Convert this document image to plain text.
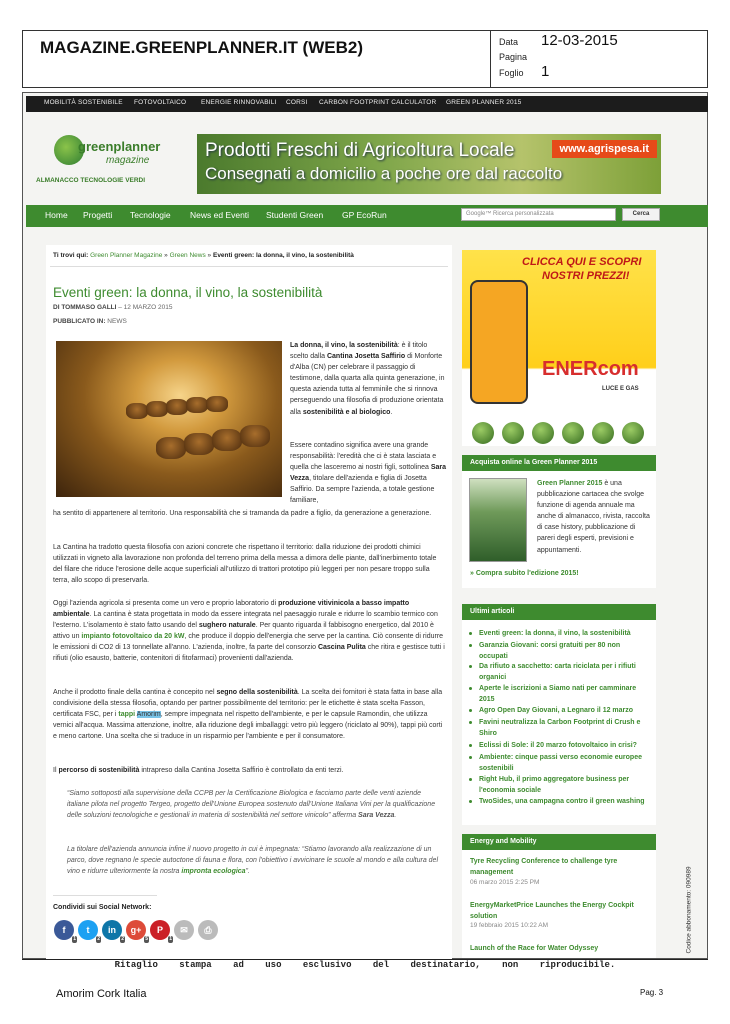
MAGAZINE.GREENPLANNER.IT (WEB2)	Data 12-03-2015
Pagina
Foglio 1
MOBILITÀ SOSTENIBILE FOTOVOLTAICO ENERGIE RINNOVABILI CORSI CARBON FOOTPRINT CALCULATOR GREEN PLANNER 2015
greenplanner
magazine
ALMANACCO TECNOLOGIE VERDI
Prodotti Freschi di Agricoltura Locale
Consegnati a domicilio a poche ore dal raccolto
www.agrispesa.it
Home Progetti Tecnologie News ed Eventi Studenti Green GP EcoRun	Google™ Ricerca personalizzata	Cerca
Ti trovi qui: Green Planner Magazine » Green News » Eventi green: la donna, il vino, la sostenibilità
Eventi green: la donna, il vino, la sostenibilità
DI TOMMASO GALLI – 12 MARZO 2015
PUBBLICATO IN: NEWS
La donna, il vino, la sostenibilità: è il titolo scelto dalla Cantina Josetta Saffirio di Monforte d'Alba (CN) per celebrare il passaggio di testimone, dalla quarta alla quinta generazione, in questa azienda tutta al femminile che si rinnova perseguendo una filosofia di produzione orientata alla sostenibilità e al biologico.
Essere contadino significa avere una grande responsabilità: l'eredità che ci è stata lasciata e quella che lasceremo ai nostri figli, sottolinea Sara Vezza, titolare dell'azienda e figlia di Josetta Saffirio. Da sempre l'azienda, a totale gestione familiare,
ha sentito di appartenere al territorio. Una responsabilità che si tramanda da padre a figlio, da generazione a generazione.
La Cantina ha tradotto questa filosofia con azioni concrete che rispettano il territorio: dalla riduzione dei prodotti chimici utilizzati in vigneto alla lavorazione non profonda del terreno prima della messa a dimora delle piante, dall'inerbimento totale del filare che riduce l'erosione delle acque superficiali all'utilizzo di trattori prototipo più leggeri per non pesare troppo sulla terra, allo scopo di preservarla.
Oggi l'azienda agricola si presenta come un vero e proprio laboratorio di produzione vitivinicola a basso impatto ambientale. La cantina è stata progettata in modo da essere integrata nel paesaggio rurale e ridurre lo scambio termico con l'esterno. L'isolamento è stato fatto usando del sughero naturale. Per quanto riguarda il fabbisogno energetico, dal 2010 è attivo un impianto fotovoltaico da 20 kW, che produce il doppio dell'energia che serve per la cantina. Ciò consente di ridurre le emissioni di CO2 di 13 tonnellate all'anno. L'azienda, inoltre, fa parte del consorzio Cascina Pulita che ritira e gestisce tutti i rifiuti (olio esausto, batterie, contenitori di fitofarmaci) provenienti dall'azienda.
Anche il prodotto finale della cantina è concepito nel segno della sostenibilità. La scelta dei fornitori è stata fatta in base alla condivisione della stessa filosofia, optando per partner possibilmente del territorio: per le etichette è stata scelta Fasson, certificata FSC, per i tappi Amorim, sempre impegnata nel rispetto dell'ambiente, e per le capsule Ramondin, che utilizza vernici all'acqua. Massima attenzione, inoltre, alla riduzione degli imballaggi: vetro più leggero (riciclato al 90%), tappi più corti e meno cartone. Una scelta che si traduce in un risparmio per l'ambiente e per il consumatore.
Il percorso di sostenibilità intrapreso dalla Cantina Josetta Saffirio è controllato da enti terzi.
“Siamo sottoposti alla supervisione della CCPB per la Certificazione Biologica e facciamo parte delle venti aziende italiane pilota nel progetto Tergeo, progetto dell'Unione Europea sostenuto dall'Unione Italiana Vini per la qualificazione delle soluzioni tecnologiche e gestionali in materia di sostenibilità nel settore vinicolo” afferma Sara Vezza.
La titolare dell'azienda annuncia infine il nuovo progetto in cui è impegnata: “Stiamo lavorando alla realizzazione di un parco, dove regnano le specie autoctone di fauna e flora, con l'obiettivo i avvicinare le scuole al mondo e alla cultura del vino e ridurre ulteriormente la nostra impronta ecologica”.
Condividi sui Social Network:
f
1
t
2
in
2
g+
5
P
1
✉	⎙
CLICCA QUI E SCOPRI
NOSTRI PREZZI!
ENERcom
LUCE E GAS
Acquista online la Green Planner 2015
Green Planner 2015 è una pubblicazione cartacea che svolge funzione di agenda annuale ma anche di almanacco, rivista, raccolta di case history, pubblicazione di pareri degli esperti, previsioni e appuntamenti.
» Compra subito l'edizione 2015!
Ultimi articoli
Eventi green: la donna, il vino, la sostenibilità
Garanzia Giovani: corsi gratuiti per 80 non occupati
Da rifiuto a sacchetto: carta riciclata per i rifiuti organici
Aperte le iscrizioni a Siamo nati per camminare 2015
Agro Open Day Giovani, a Legnaro il 12 marzo
Favini neutralizza la Carbon Footprint di Crush e Shiro
Eclissi di Sole: il 20 marzo fotovoltaico in crisi?
Ambiente: cinque passi verso economie europee sostenibili
Right Hub, il primo aggregatore business per l'economia sociale
TwoSides, una campagna contro il green washing
Energy and Mobility
Tyre Recycling Conference to challenge tyre management
06 marzo 2015 2:25 PM
EnergyMarketPrice Launches the Energy Cockpit solution
19 febbraio 2015 10:22 AM
Launch of the Race for Water Odyssey	Codice abbonamento: 090989
Ritaglio stampa ad uso esclusivo del destinatario, non riproducibile.
Amorim Cork Italia	Pag. 3
